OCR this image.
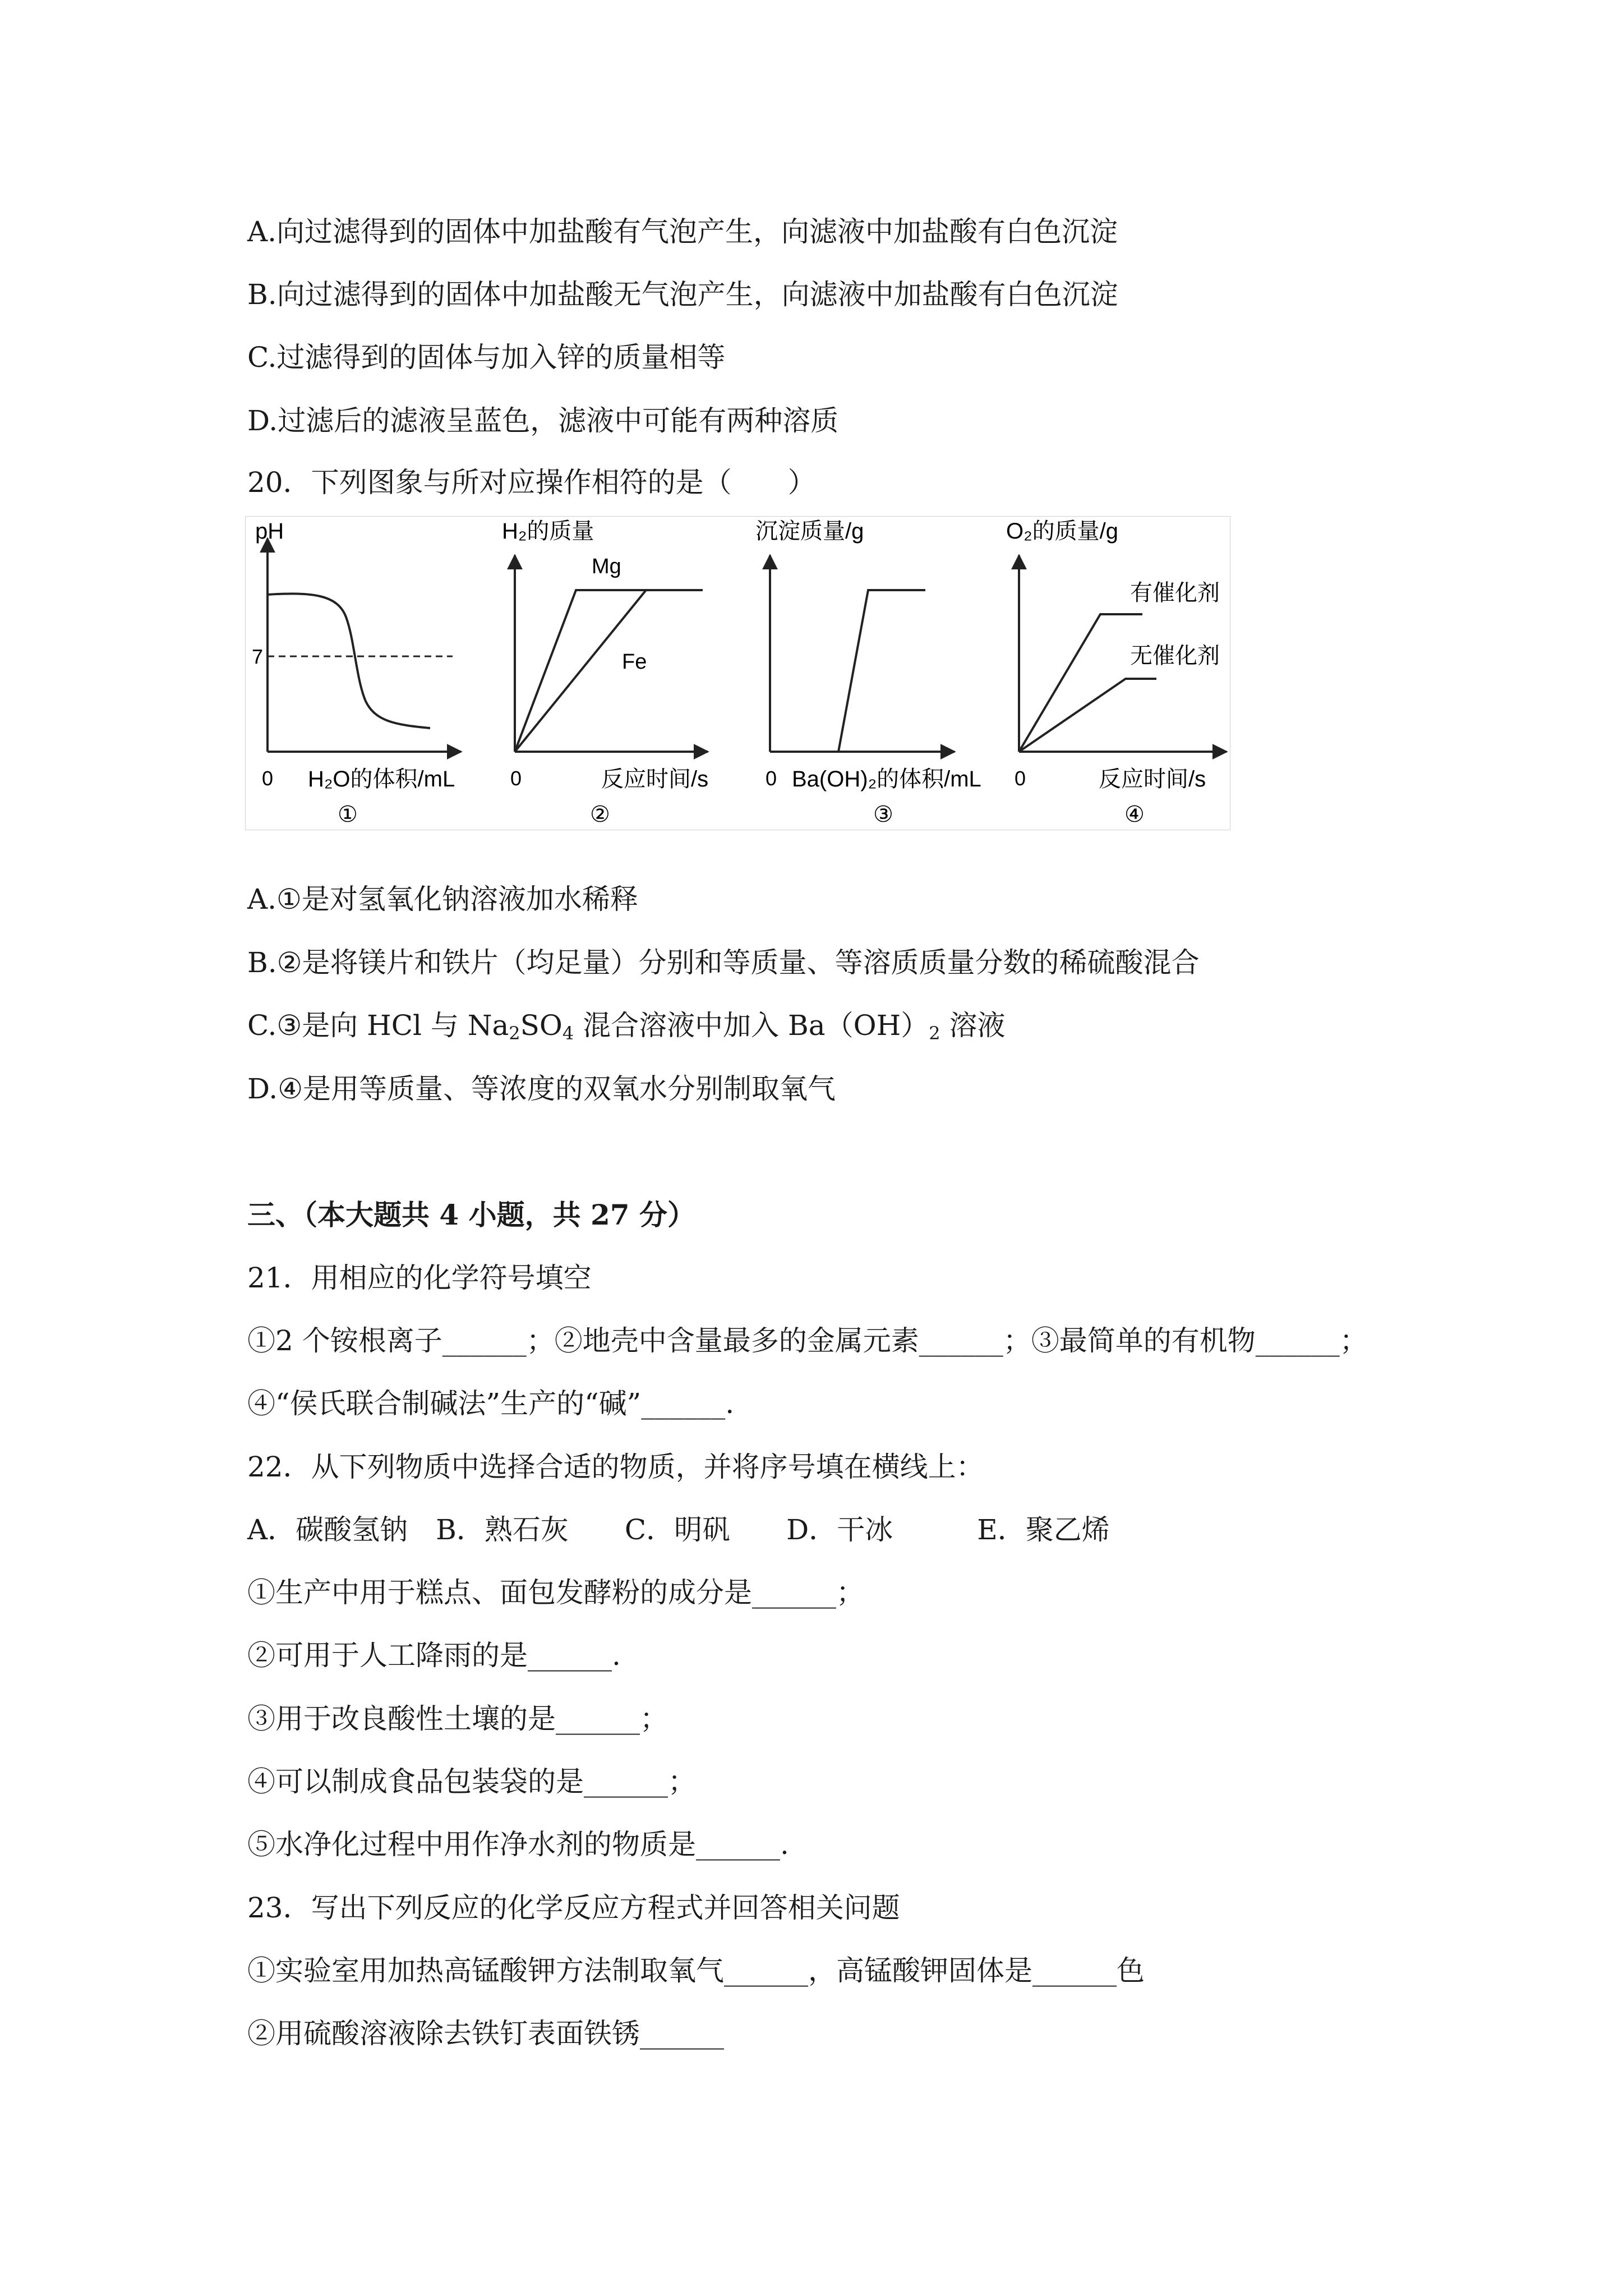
A.向过滤得到的固体中加盐酸有气泡产生，向滤液中加盐酸有白色沉淀
B.向过滤得到的固体中加盐酸无气泡产生，向滤液中加盐酸有白色沉淀
C.过滤得到的固体与加入锌的质量相等
D.过滤后的滤液呈蓝色，滤液中可能有两种溶质
20．下列图象与所对应操作相符的是（　　）
pH
7
0 H₂O的体积/mL
①
H₂的质量
Mg
Fe
0	反应时间/s
②
沉淀质量/g
0 Ba(OH)₂的体积/mL
③
O₂的质量/g
有催化剂
无催化剂
0	反应时间/s
④
A.①是对氢氧化钠溶液加水稀释
B.②是将镁片和铁片（均足量）分别和等质量、等溶质质量分数的稀硫酸混合
C.③是向 HCl 与 $Na_2SO_4$ 混合溶液中加入 $Ba(OH)_2$ 溶液
D.④是用等质量、等浓度的双氧水分别制取氧气
三、（本大题共 4 小题，共 27 分）
21．用相应的化学符号填空
①2 个铵根离子______；②地壳中含量最多的金属元素______；③最简单的有机物______；
④“侯氏联合制碱法”生产的“碱”______.
22．从下列物质中选择合适的物质，并将序号填在横线上：
A．碳酸氢钠　B．熟石灰　　C．明矾　　D．干冰　　　E．聚乙烯
①生产中用于糕点、面包发酵粉的成分是______；
②可用于人工降雨的是______.
③用于改良酸性土壤的是______；
④可以制成食品包装袋的是______；
⑤水净化过程中用作净水剂的物质是______.
23．写出下列反应的化学反应方程式并回答相关问题
①实验室用加热高锰酸钾方法制取氧气______，高锰酸钾固体是______色
②用硫酸溶液除去铁钉表面铁锈______
